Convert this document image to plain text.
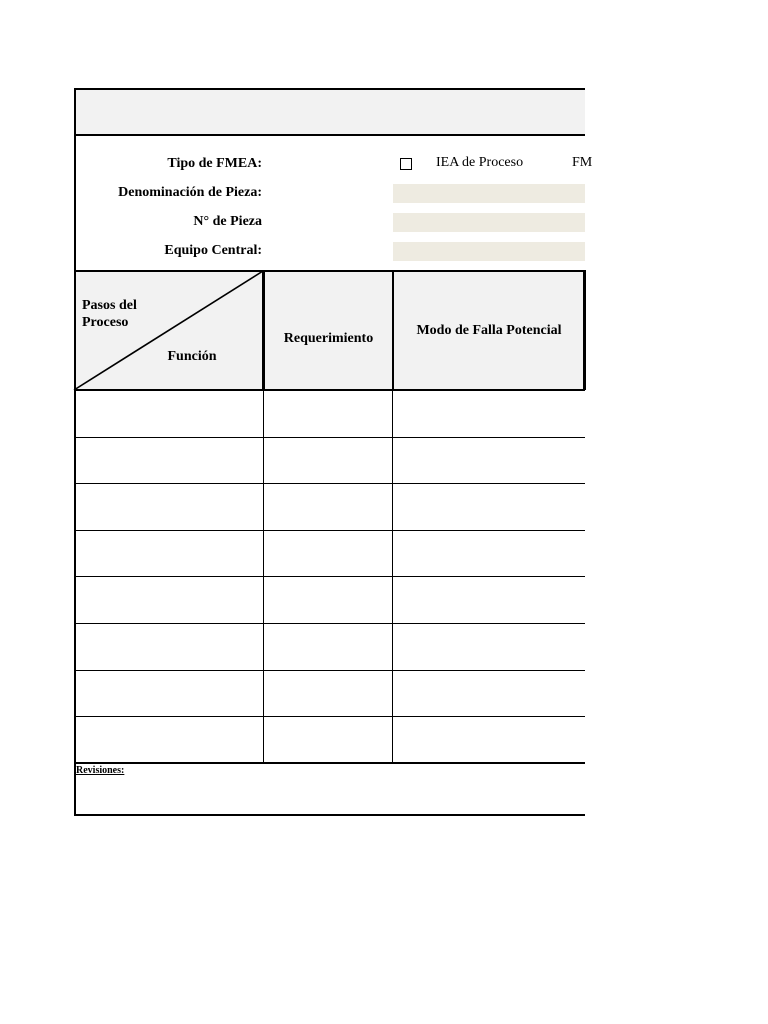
Tipo de FMEA:
Denominación de Pieza:
N° de Pieza
Equipo Central:
IEA de Proceso	FM
Pasos del Proceso
Función
Requerimiento
Modo de Falla Potencial
Revisiones:
